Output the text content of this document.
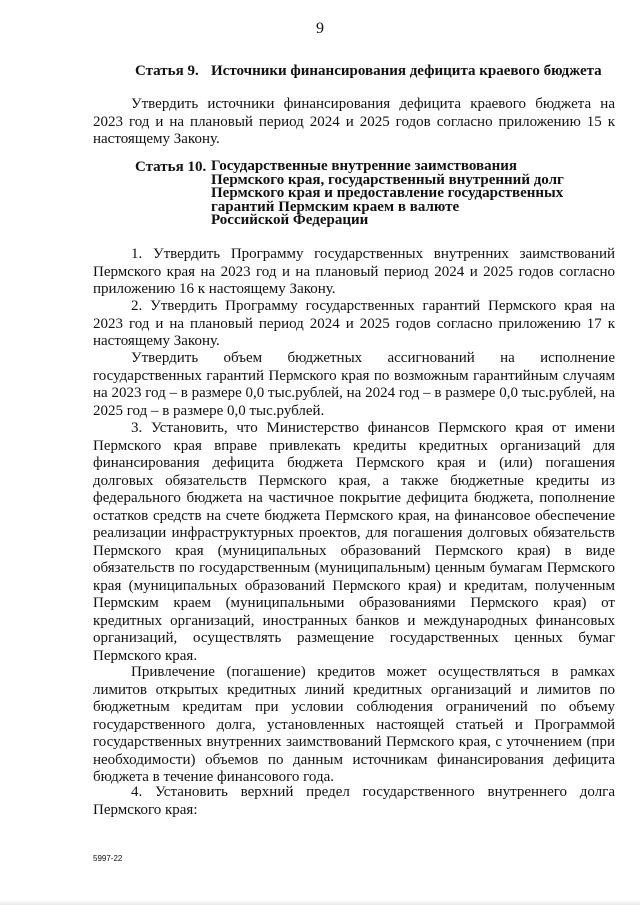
9
Статья 9. Источники финансирования дефицита краевого бюджета
Утвердить источники финансирования дефицита краевого бюджета на 2023 год и на плановый период 2024 и 2025 годов согласно приложению 15 к настоящему Закону.
Статья 10. Государственные внутренние заимствования
Пермского края, государственный внутренний долг
Пермского края и предоставление государственных
гарантий Пермским краем в валюте
Российской Федерации
1. Утвердить Программу государственных внутренних заимствований Пермского края на 2023 год и на плановый период 2024 и 2025 годов согласно приложению 16 к настоящему Закону.
2. Утвердить Программу государственных гарантий Пермского края на 2023 год и на плановый период 2024 и 2025 годов согласно приложению 17 к настоящему Закону.
Утвердить объем бюджетных ассигнований на исполнение государственных гарантий Пермского края по возможным гарантийным случаям на 2023 год – в размере 0,0 тыс.рублей, на 2024 год – в размере 0,0 тыс.рублей, на 2025 год – в размере 0,0 тыс.рублей.
3. Установить, что Министерство финансов Пермского края от имени Пермского края вправе привлекать кредиты кредитных организаций для финансирования дефицита бюджета Пермского края и (или) погашения долговых обязательств Пермского края, а также бюджетные кредиты из федерального бюджета на частичное покрытие дефицита бюджета, пополнение остатков средств на счете бюджета Пермского края, на финансовое обеспечение реализации инфраструктурных проектов, для погашения долговых обязательств Пермского края (муниципальных образований Пермского края) в виде обязательств по государственным (муниципальным) ценным бумагам Пермского края (муниципальных образований Пермского края) и кредитам, полученным Пермским краем (муниципальными образованиями Пермского края) от кредитных организаций, иностранных банков и международных финансовых организаций, осуществлять размещение государственных ценных бумаг Пермского края.
Привлечение (погашение) кредитов может осуществляться в рамках лимитов открытых кредитных линий кредитных организаций и лимитов по бюджетным кредитам при условии соблюдения ограничений по объему государственного долга, установленных настоящей статьей и Программой государственных внутренних заимствований Пермского края, с уточнением (при необходимости) объемов по данным источникам финансирования дефицита бюджета в течение финансового года.
4. Установить верхний предел государственного внутреннего долга Пермского края:
5997-22
